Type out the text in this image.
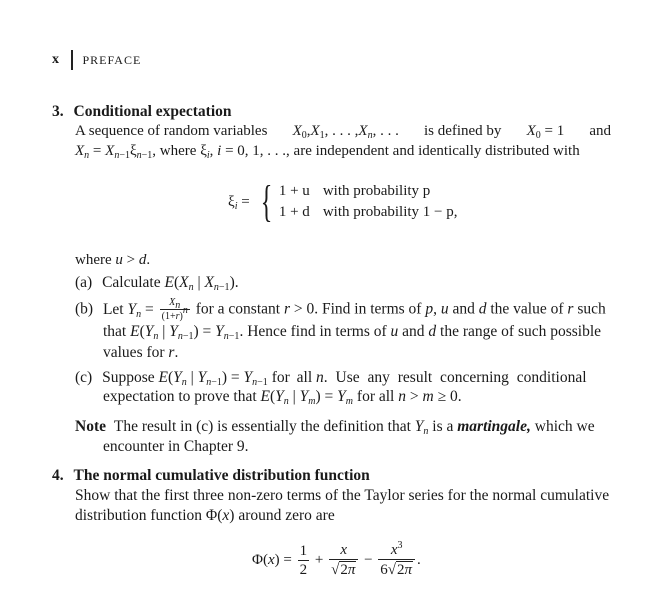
x PREFACE
3. Conditional expectation
A sequence of random variables $X_0,X_1$, . . . $,X_n$, . . . is defined by $X_0 = 1$ and
$X_n = X_{n-1}\xi_{n-1}$, where $\xi_i$, i = 0, 1, . . ., are independent and identically distributed with
$\xi_i$ = { 1 + u with probability p
1 + d with probability 1 − p,
where u > d.
(a) Calculate $E(X_n$ | $X_{n-1}$).
(b) Let $Y_n = \frac{X_n}{(1+r)^n}$ for a constant r > 0. Find in terms of p, u and d the value of r such
that $E(Y_n$ | $Y_{n-1}) = Y_{n-1}$. Hence find in terms of u and d the range of such possible
values for r.
(c) Suppose $E(Y_n$ | $Y_{n-1}) = Y_{n-1}$ for all n. Use any result concerning conditional
expectation to prove that $E(Y_n$ | $Y_m) = Y_m$ for all n > m ≥ 0.
Note The result in (c) is essentially the definition that $Y_n$ is a martingale, which we
encounter in Chapter 9.
4. The normal cumulative distribution function
Show that the first three non-zero terms of the Taylor series for the normal cumulative
distribution function Φ(x) around zero are
$\Phi(x) = \frac{1}{2} + \frac{x}{√ 2\pi} - \frac{x^3}{6 √ 2\pi}$ .
